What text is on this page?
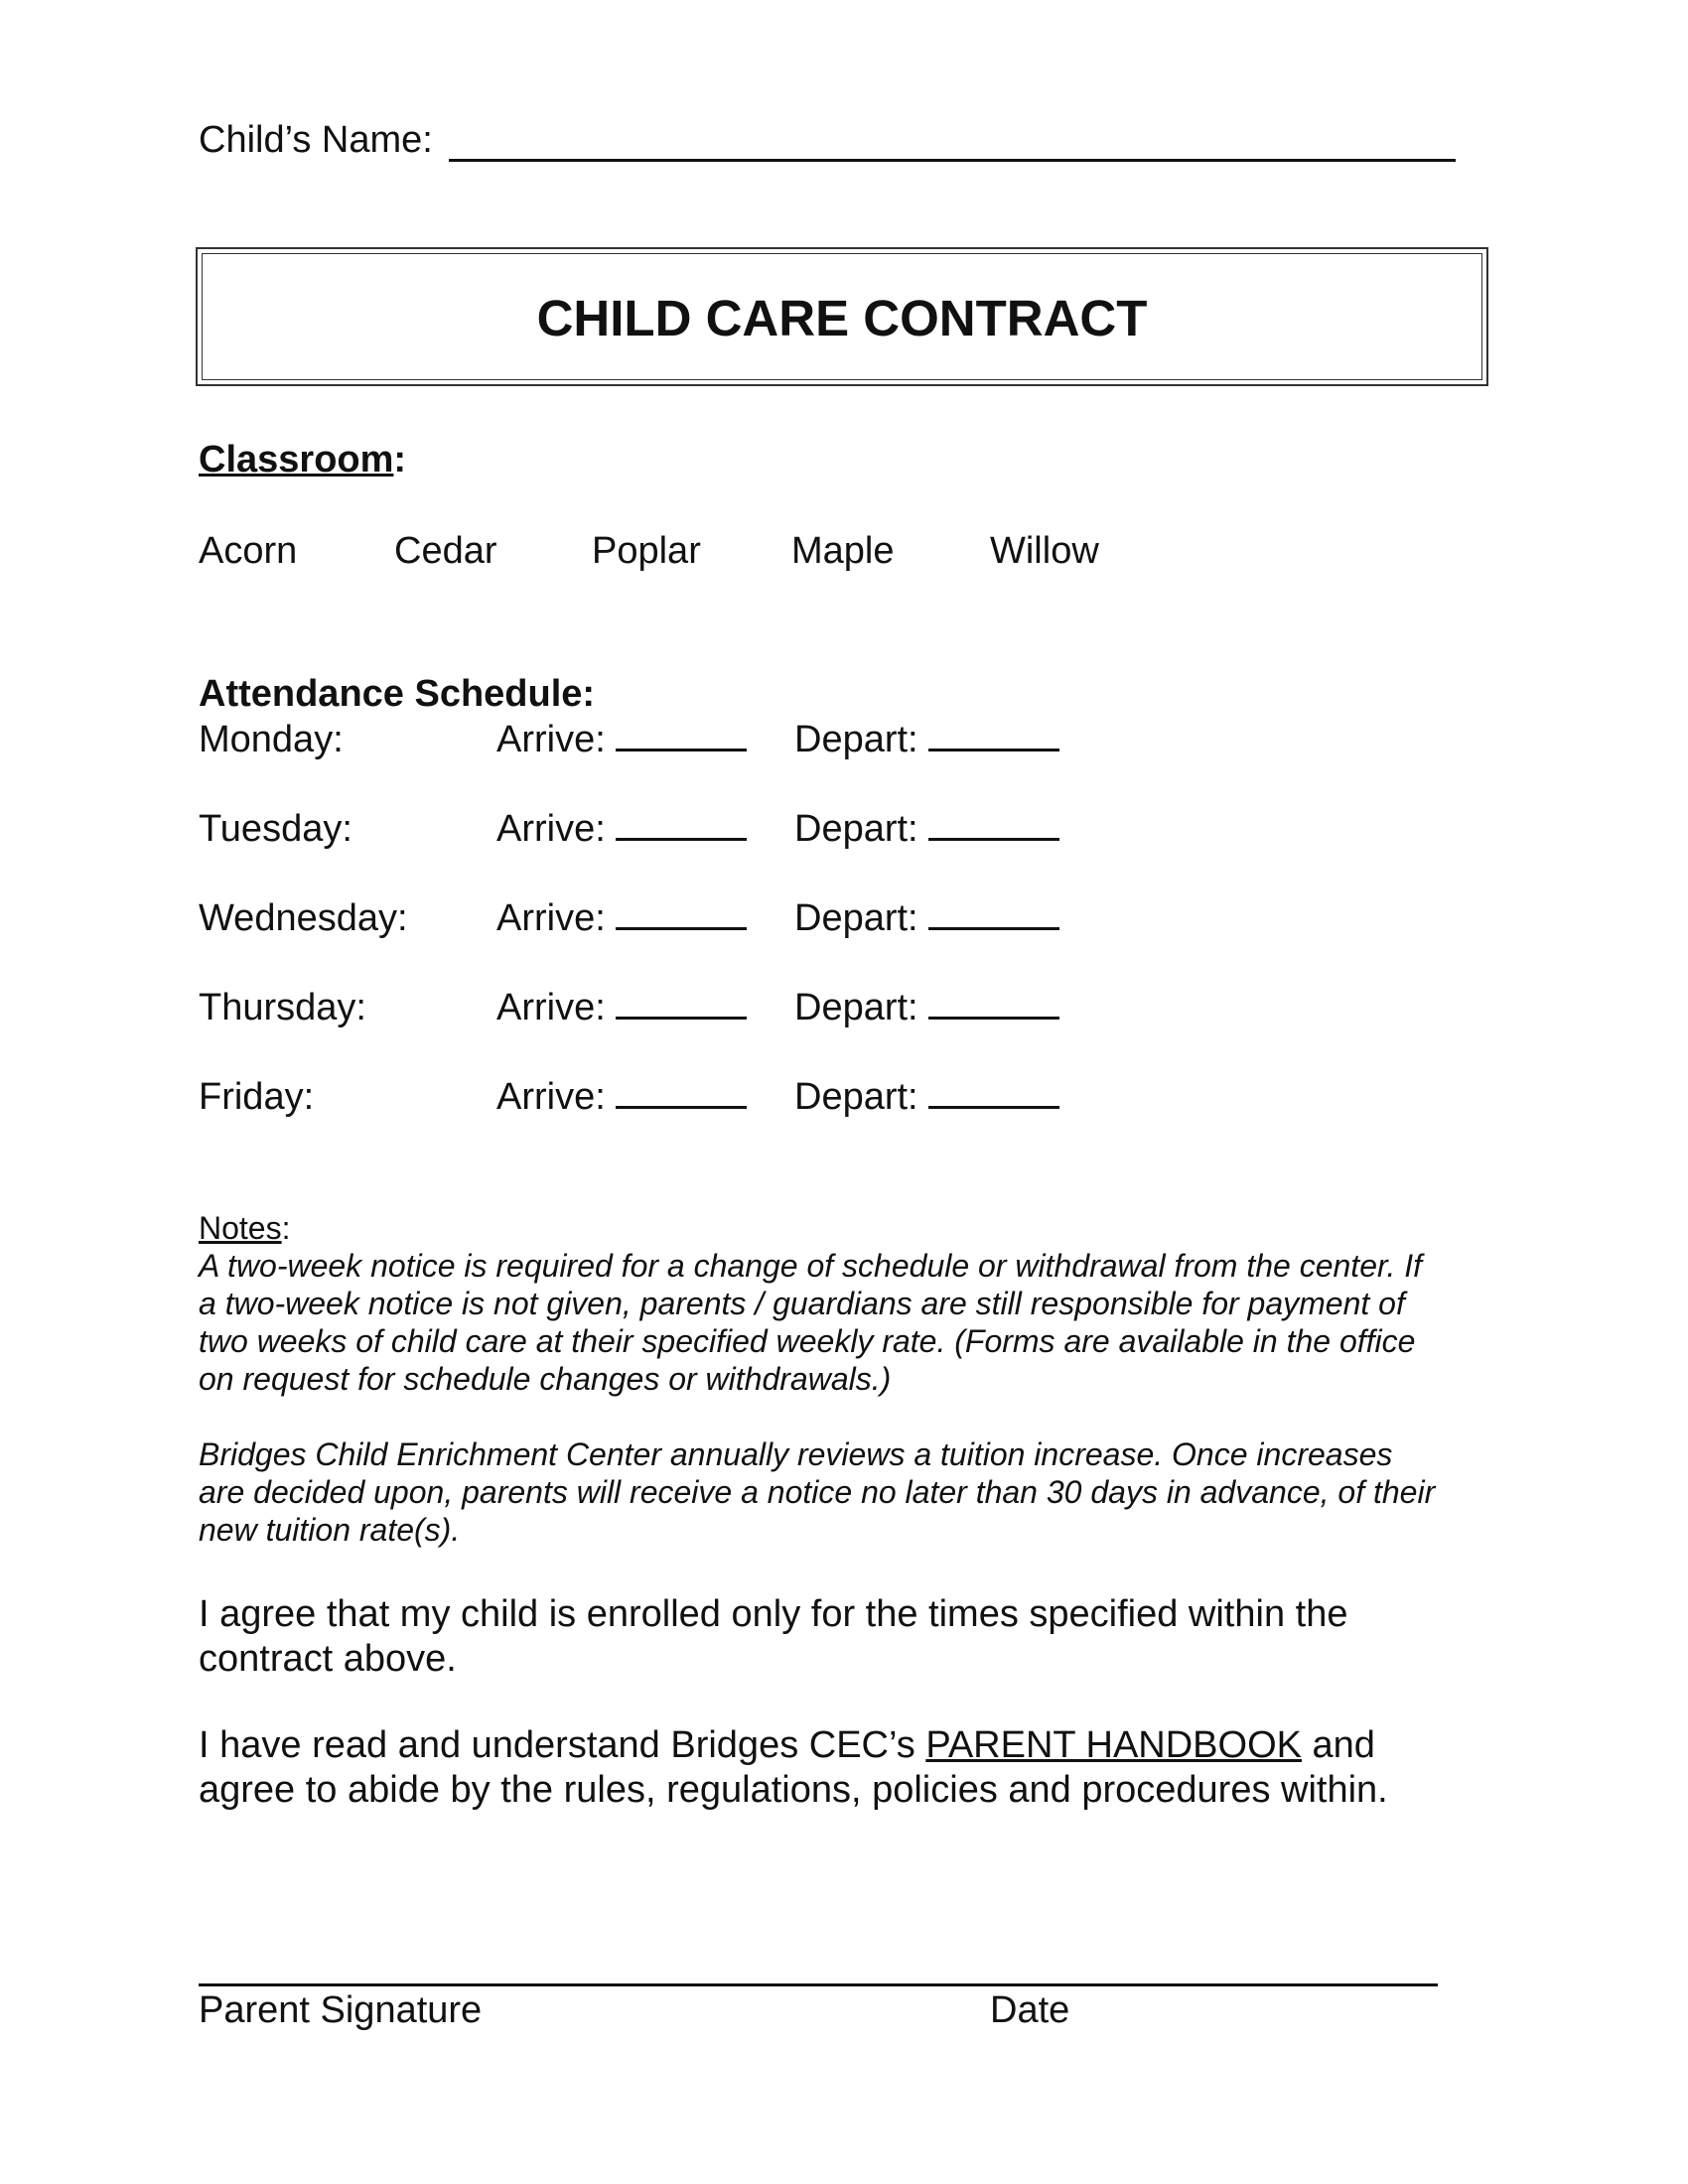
Child’s Name:
CHILD CARE CONTRACT
Classroom:
Acorn	Cedar	Poplar Maple	Willow
Attendance Schedule:
Monday:	Arrive:	Depart:
Tuesday:	Arrive:	Depart:
Wednesday: Arrive:	Depart:
Thursday:	Arrive:	Depart:
Friday:	Arrive:	Depart:
Notes:
A two-week notice is required for a change of schedule or withdrawal from the center. If
a two-week notice is not given, parents / guardians are still responsible for payment of
two weeks of child care at their specified weekly rate. (Forms are available in the office
on request for schedule changes or withdrawals.)
Bridges Child Enrichment Center annually reviews a tuition increase. Once increases
are decided upon, parents will receive a notice no later than 30 days in advance, of their
new tuition rate(s).
I agree that my child is enrolled only for the times specified within the
contract above.
I have read and understand Bridges CEC’s PARENT HANDBOOK and
agree to abide by the rules, regulations, policies and procedures within.
Parent Signature	Date
